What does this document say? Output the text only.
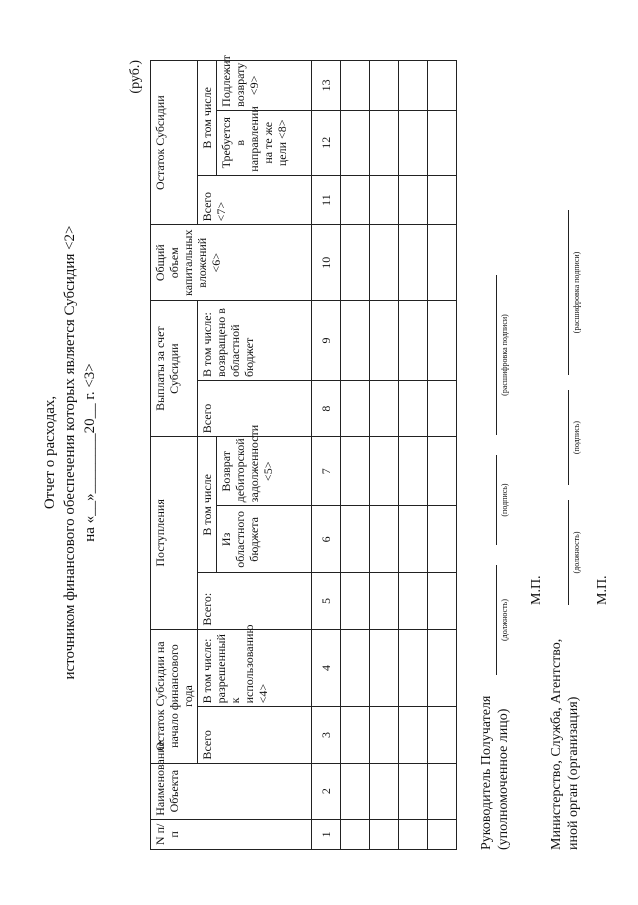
Отчет о расходах, источником финансового обеспечения которых является Субсидия <2> на «__»________20__ г. <3>
(руб.)
N п/п	Наименование Объекта	Остаток Субсидии на начало финансового года		Поступления			Выплаты за счет Субсидии		Общий объем капитальных вложений <6>	Остаток Субсидии		
		Всего	В том числе: разрешенный к использованию <4>	Всего:	В том числе		Всего	В том числе: возвращено в областной бюджет		Всего <7>	В том числе	
					Из областного бюджета	Возврат дебиторской задолженности <5>					Требуется в направлении на те же цели <8>	Подлежит возврату <9>
1	2	3	4	5	6	7	8	9	10	11	12	13

Руководитель Получателя (уполномоченное лицо)
(должность)
(подпись)
(расшифровка подписи)
М.П.
Министерство, Служба, Агентство, иной орган (организация)
(должность)
(подпись)
(расшифровка подписи)
М.П.
